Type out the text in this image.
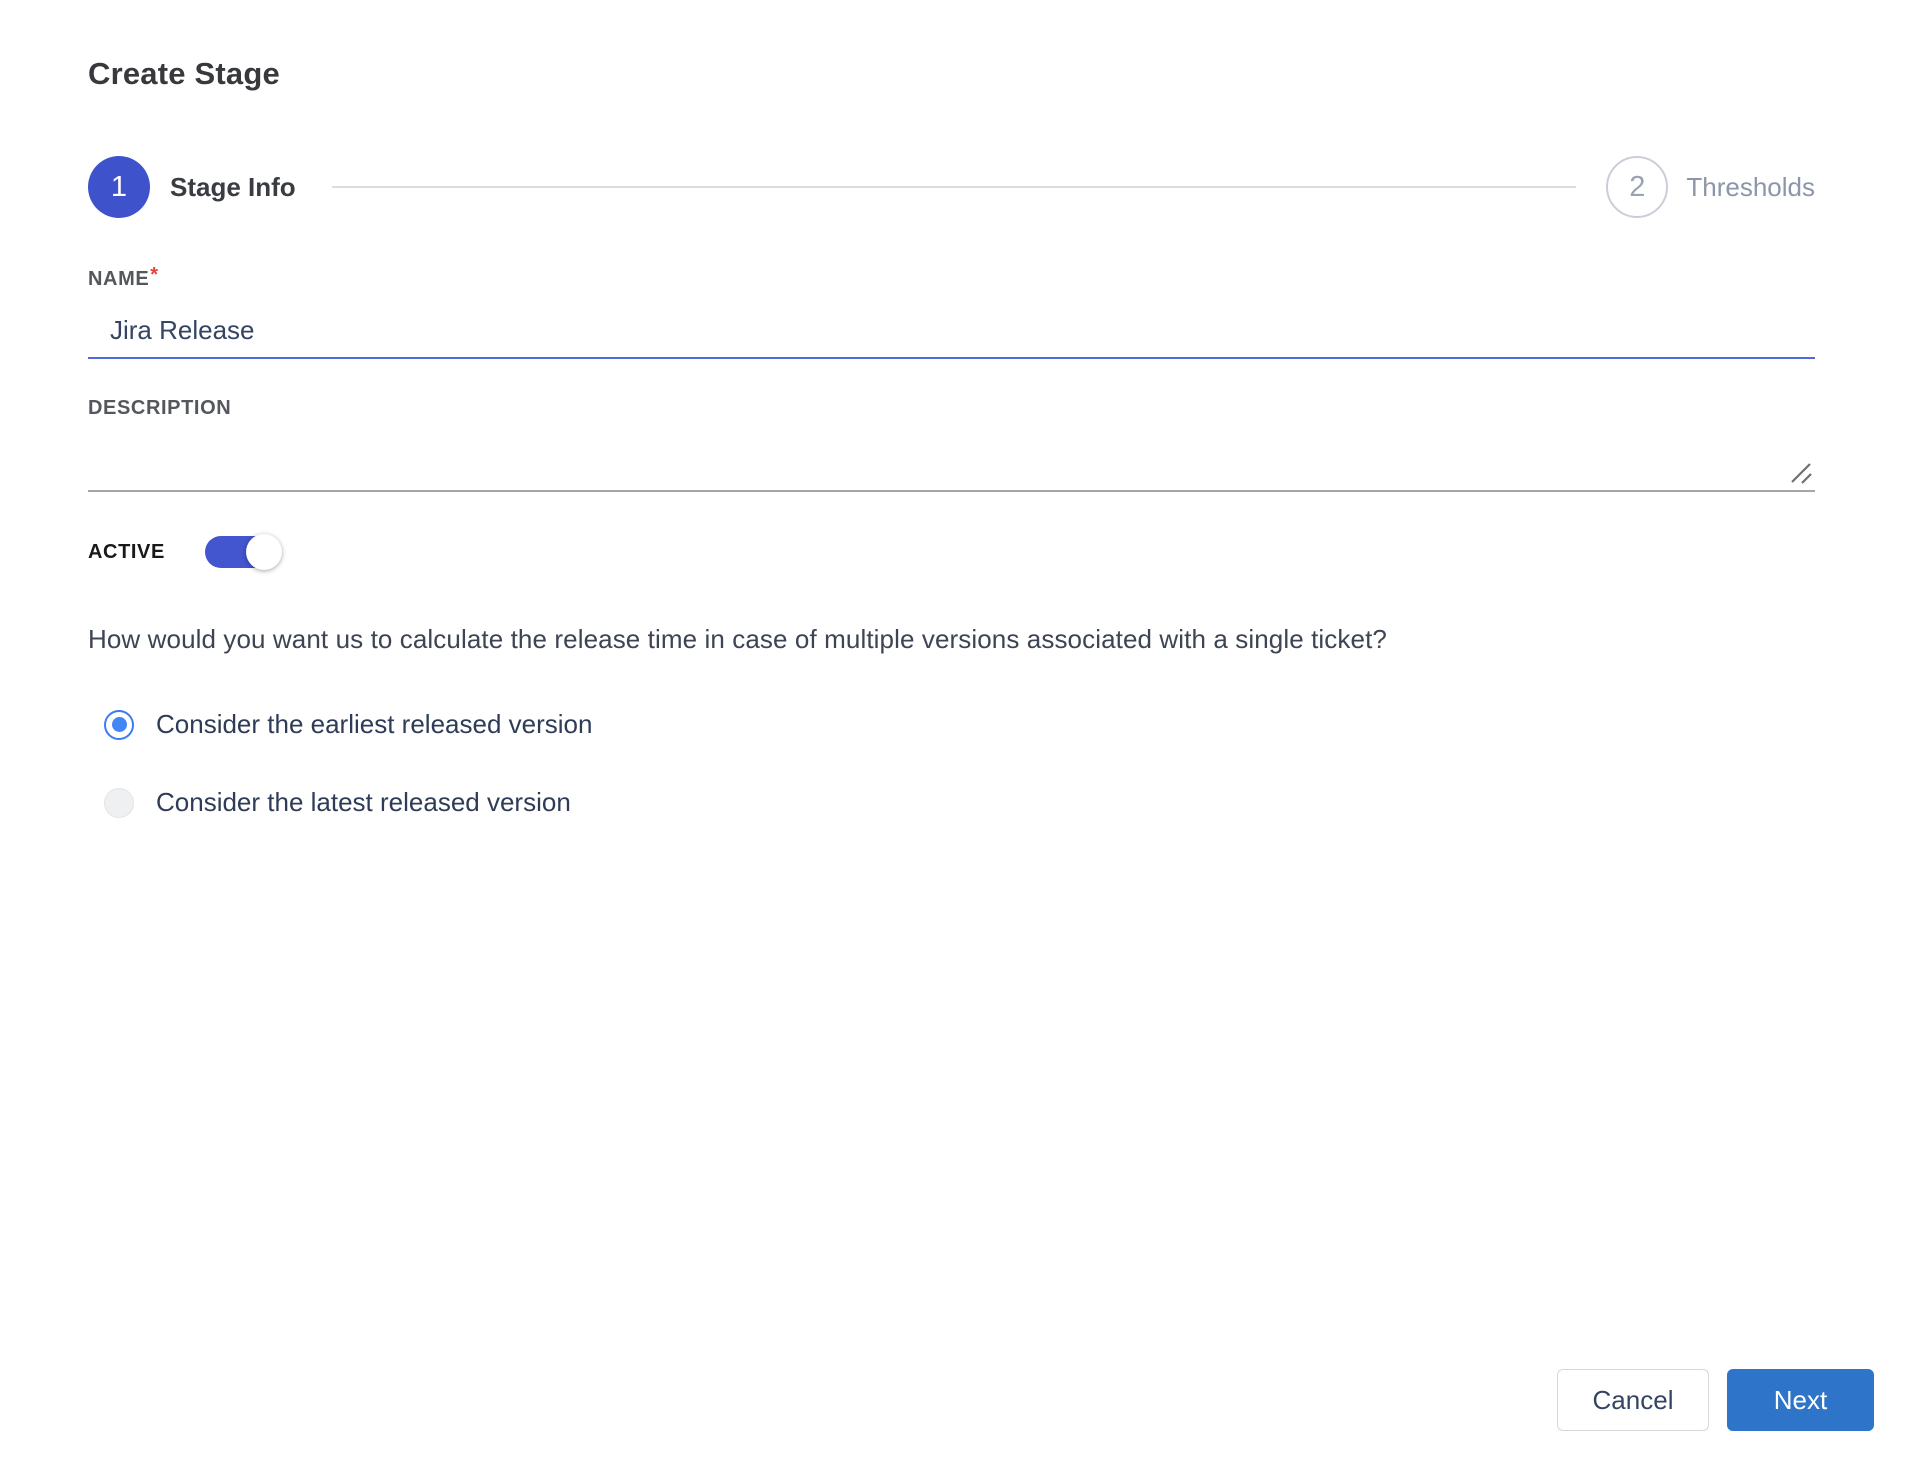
Create Stage
1 Stage Info	2 Thresholds
NAME*
Jira Release
DESCRIPTION
ACTIVE

How would you want us to calculate the release time in case of multiple versions associated with a single ticket?

Consider the earliest released version
Consider the latest released version
Cancel	Next
